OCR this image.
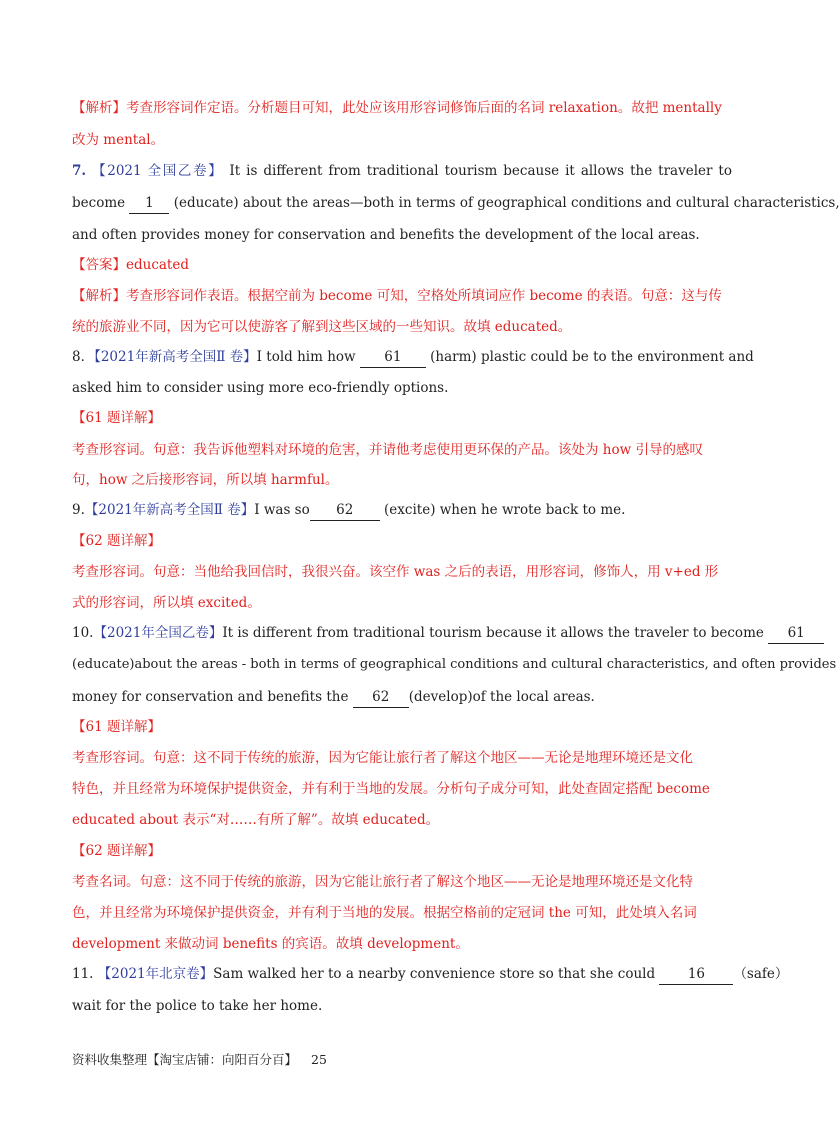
【解析】考查形容词作定语。分析题目可知，此处应该用形容词修饰后面的名词 relaxation。故把 mentally
改为 mental。
7. 【2021 全国乙卷】 It is different from traditional tourism because it allows the traveler to
become 1 (educate) about the areas—both in terms of geographical conditions and cultural characteristics,
and often provides money for conservation and benefits the development of the local areas.
【答案】educated
【解析】考查形容词作表语。根据空前为 become 可知，空格处所填词应作 become 的表语。句意：这与传
统的旅游业不同，因为它可以使游客了解到这些区域的一些知识。故填 educated。
8．【2021年新高考全国Ⅱ 卷】I told him how 61 (harm) plastic could be to the environment and
asked him to consider using more eco-friendly options.
【61 题详解】
考查形容词。句意：我告诉他塑料对环境的危害，并请他考虑使用更环保的产品。该处为 how 引导的感叹
句，how 之后接形容词，所以填 harmful。
9.【2021年新高考全国Ⅱ 卷】I was so 62 (excite) when he wrote back to me.
【62 题详解】
考查形容词。句意：当他给我回信时，我很兴奋。该空作 was 之后的表语，用形容词，修饰人，用 v+ed 形
式的形容词，所以填 excited。
10.【2021年全国乙卷】It is different from traditional tourism because it allows the traveler to become 61
(educate)about the areas - both in terms of geographical conditions and cultural characteristics, and often provides
money for conservation and benefits the 62 (develop)of the local areas.
【61 题详解】
考查形容词。句意：这不同于传统的旅游，因为它能让旅行者了解这个地区——无论是地理环境还是文化
特色，并且经常为环境保护提供资金，并有利于当地的发展。分析句子成分可知，此处查固定搭配 become
educated about 表示“对……有所了解”。故填 educated。
【62 题详解】
考查名词。句意：这不同于传统的旅游，因为它能让旅行者了解这个地区——无论是地理环境还是文化特
色，并且经常为环境保护提供资金，并有利于当地的发展。根据空格前的定冠词 the 可知，此处填入名词
development 来做动词 benefits 的宾语。故填 development。
11. 【2021年北京卷】Sam walked her to a nearby convenience store so that she could 16 （safe）
wait for the police to take her home.
资料收集整理【淘宝店铺：向阳百分百】 25
